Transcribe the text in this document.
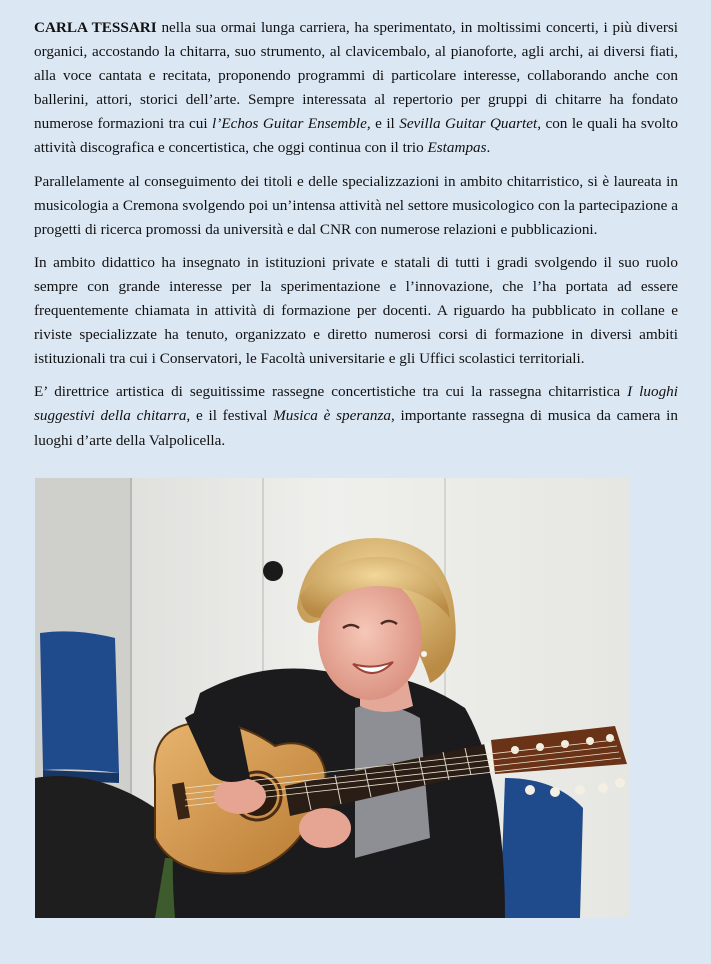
CARLA TESSARI nella sua ormai lunga carriera, ha sperimentato, in moltissimi concerti, i più diversi organici, accostando la chitarra, suo strumento, al clavicembalo, al pianoforte, agli archi, ai diversi fiati, alla voce cantata e recitata, proponendo programmi di particolare interesse, collaborando anche con ballerini, attori, storici dell’arte. Sempre interessata al repertorio per gruppi di chitarre ha fondato numerose formazioni tra cui l’Echos Guitar Ensemble, e il Sevilla Guitar Quartet, con le quali ha svolto attività discografica e concertistica, che oggi continua con il trio Estampas.

Parallelamente al conseguimento dei titoli e delle specializzazioni in ambito chitarristico, si è laureata in musicologia a Cremona svolgendo poi un’intensa attività nel settore musicologico con la partecipazione a progetti di ricerca promossi da università e dal CNR con numerose relazioni e pubblicazioni.

In ambito didattico ha insegnato in istituzioni private e statali di tutti i gradi svolgendo il suo ruolo sempre con grande interesse per la sperimentazione e l’innovazione, che l’ha portata ad essere frequentemente chiamata in attività di formazione per docenti. A riguardo ha pubblicato in collane e riviste specializzate ha tenuto, organizzato e diretto numerosi corsi di formazione in diversi ambiti istituzionali tra cui i Conservatori, le Facoltà universitarie e gli Uffici scolastici territoriali.

E’ direttrice artistica di seguitissime rassegne concertistiche tra cui la rassegna chitarristica I luoghi suggestivi della chitarra, e il festival Musica è speranza, importante rassegna di musica da camera in luoghi d’arte della Valpolicella.
